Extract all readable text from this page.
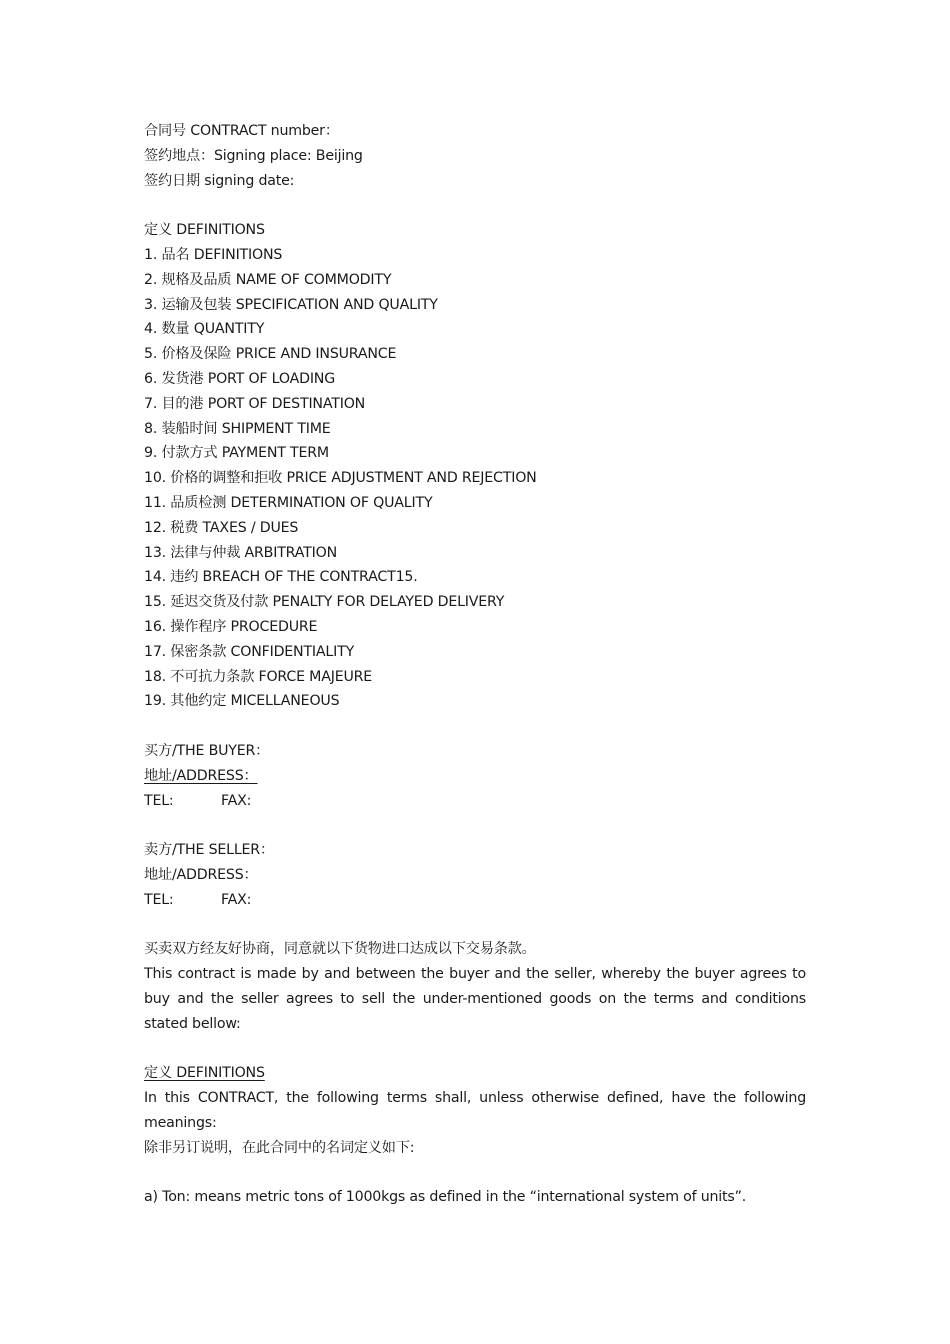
合同号 CONTRACT number：
签约地点：Signing place: Beijing
签约日期 signing date:
定义 DEFINITIONS
1. 品名 DEFINITIONS
2. 规格及品质 NAME OF COMMODITY
3. 运输及包装 SPECIFICATION AND QUALITY
4. 数量 QUANTITY
5. 价格及保险 PRICE AND INSURANCE
6. 发货港 PORT OF LOADING
7. 目的港 PORT OF DESTINATION
8. 装船时间 SHIPMENT TIME
9. 付款方式 PAYMENT TERM
10. 价格的调整和拒收 PRICE ADJUSTMENT AND REJECTION
11. 品质检测 DETERMINATION OF QUALITY
12. 税费 TAXES / DUES
13. 法律与仲裁 ARBITRATION
14. 违约 BREACH OF THE CONTRACT15.
15. 延迟交货及付款 PENALTY FOR DELAYED DELIVERY
16. 操作程序 PROCEDURE
17. 保密条款 CONFIDENTIALITY
18. 不可抗力条款 FORCE MAJEURE
19. 其他约定 MICELLANEOUS
买方/THE BUYER：
地址/ADDRESS：
TEL:	FAX:
卖方/THE SELLER：
地址/ADDRESS：
TEL:	FAX:
买卖双方经友好协商，同意就以下货物进口达成以下交易条款。
This contract is made by and between the buyer and the seller, whereby the buyer agrees to buy and the seller agrees to sell the under-mentioned goods on the terms and conditions stated bellow:
定义 DEFINITIONS
In this CONTRACT, the following terms shall, unless otherwise defined, have the following meanings:
除非另订说明，在此合同中的名词定义如下:
a) Ton: means metric tons of 1000kgs as defined in the “international system of units”.
